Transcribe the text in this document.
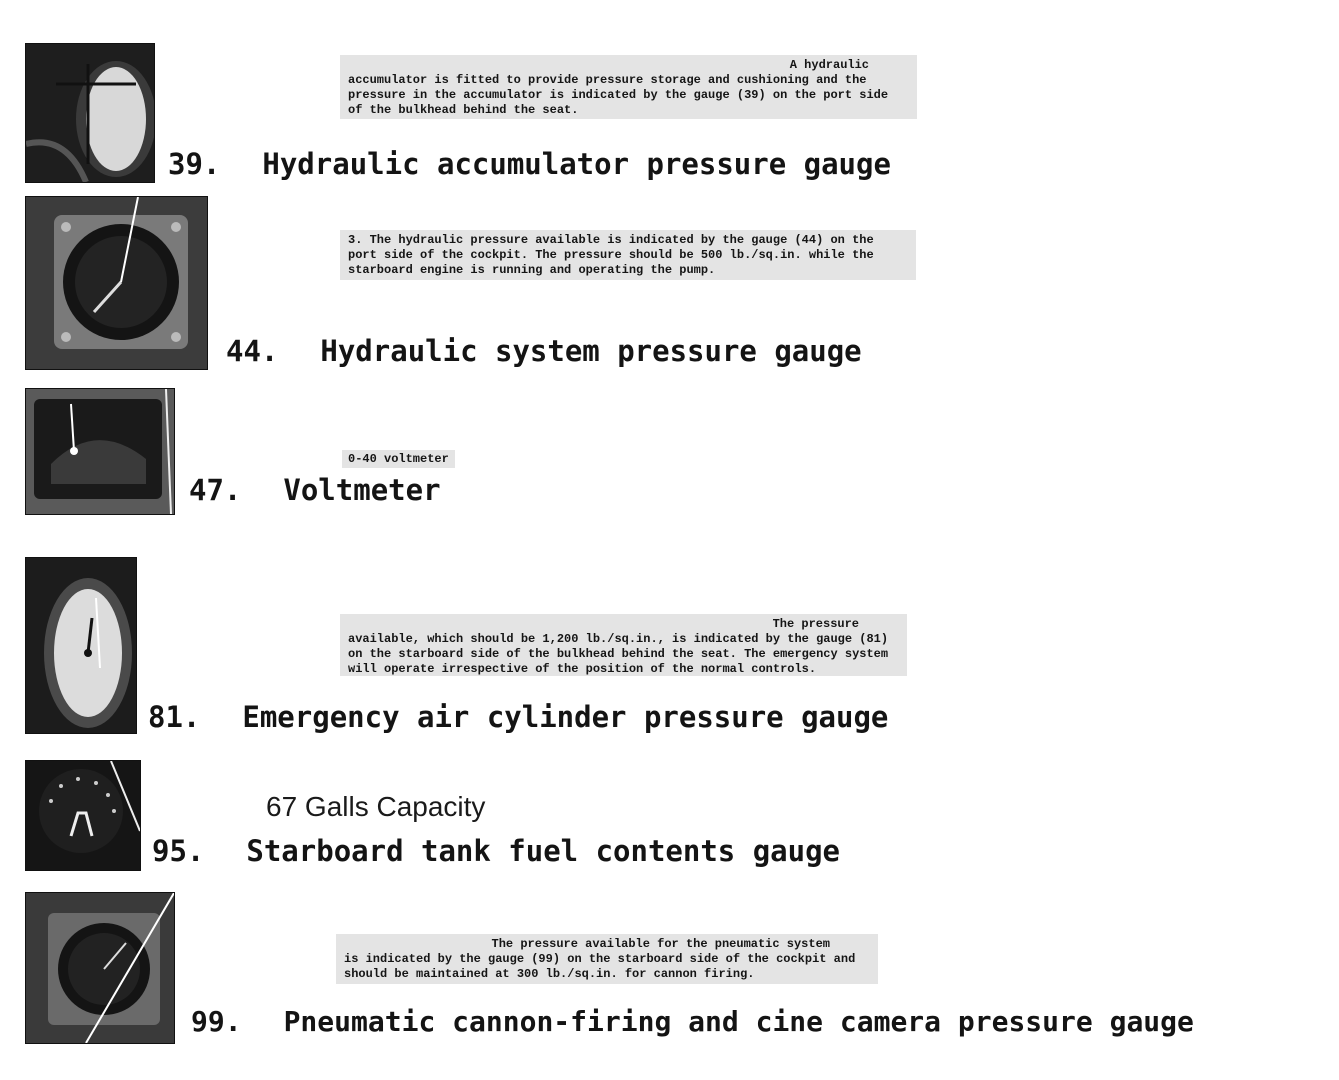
A hydraulic
accumulator is fitted to provide pressure storage and cushioning and the pressure in the accumulator is indicated by the gauge (39) on the port side of the bulkhead behind the seat.
39. Hydraulic accumulator pressure gauge
3. The hydraulic pressure available is indicated by the gauge (44) on the port side of the cockpit. The pressure should be 500 lb./sq.in. while the starboard engine is running and operating the pump.
44. Hydraulic system pressure gauge
0-40 voltmeter
47. Voltmeter
The pressure
available, which should be 1,200 lb./sq.in., is indicated by the gauge (81) on the starboard side of the bulkhead behind the seat. The emergency system will operate irrespective of the position of the normal controls.
81. Emergency air cylinder pressure gauge
67 Galls Capacity
95. Starboard tank fuel contents gauge
The pressure available for the pneumatic system
is indicated by the gauge (99) on the starboard side of the cockpit and should be maintained at 300 lb./sq.in. for cannon firing.
99. Pneumatic cannon-firing and cine camera pressure gauge
